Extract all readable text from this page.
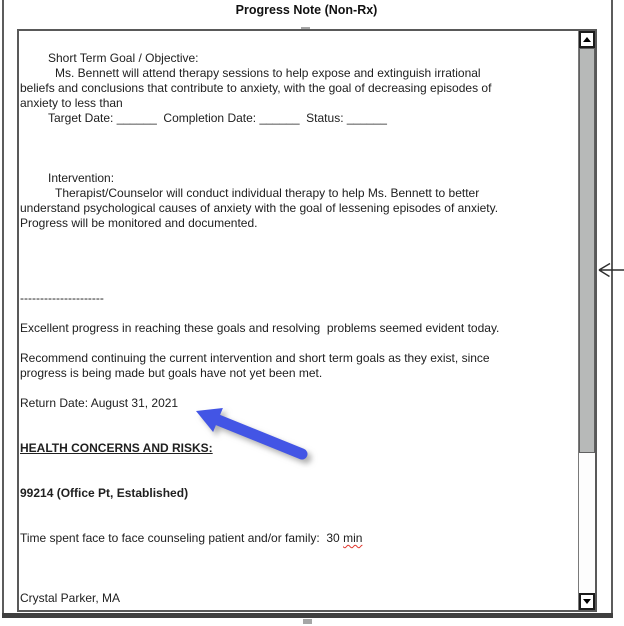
Progress Note (Non-Rx)
Short Term Goal / Objective:
Ms. Bennett will attend therapy sessions to help expose and extinguish irrational
beliefs and conclusions that contribute to anxiety, with the goal of decreasing episodes of
anxiety to less than
Target Date: ______  Completion Date: ______  Status: ______
Intervention:
Therapist/Counselor will conduct individual therapy to help Ms. Bennett to better
understand psychological causes of anxiety with the goal of lessening episodes of anxiety.
Progress will be monitored and documented.
---------------------
Excellent progress in reaching these goals and resolving  problems seemed evident today.
Recommend continuing the current intervention and short term goals as they exist, since
progress is being made but goals have not yet been met.
Return Date: August 31, 2021
HEALTH CONCERNS AND RISKS:
99214 (Office Pt, Established)
Time spent face to face counseling patient and/or family:  30 min
Crystal Parker, MA
